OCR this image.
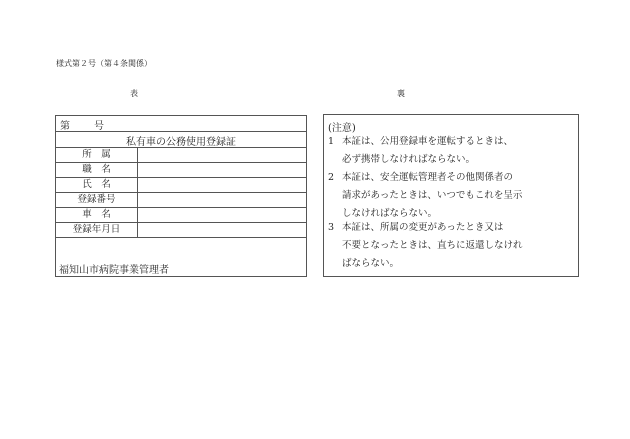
様式第２号（第４条関係）
表	裏
第 号
私有車の公務使用登録証
所　属
職　名
氏　名
登録番号
車　名
登録年月日
福知山市病院事業管理者
(注意)
1 本証は、公用登録車を運転するときは、
必ず携帯しなければならない。
2 本証は、安全運転管理者その他関係者の
請求があったときは、いつでもこれを呈示
しなければならない。
3 本証は、所属の変更があったとき又は
不要となったときは、直ちに返還しなけれ
ばならない。
